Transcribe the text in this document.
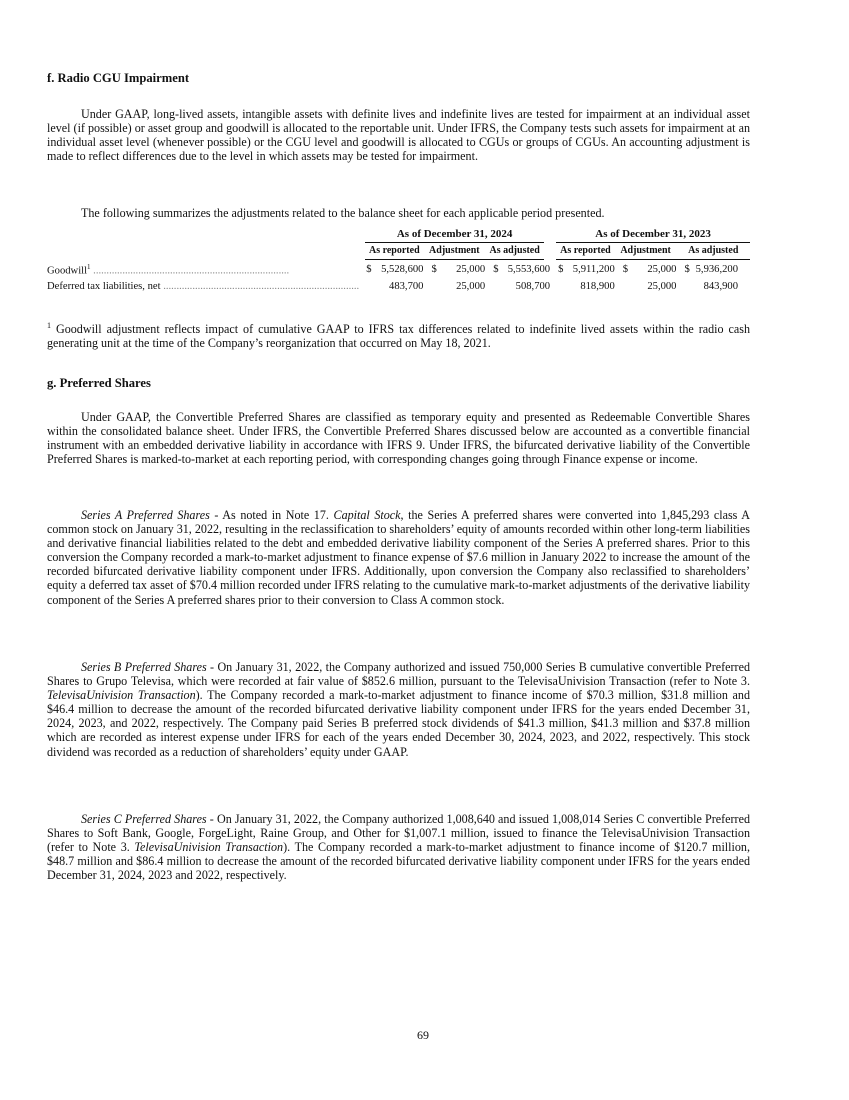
f. Radio CGU Impairment

Under GAAP, long-lived assets, intangible assets with definite lives and indefinite lives are tested for impairment at an individual asset level (if possible) or asset group and goodwill is allocated to the reportable unit. Under IFRS, the Company tests such assets for impairment at an individual asset level (whenever possible) or the CGU level and goodwill is allocated to CGUs or groups of CGUs. An accounting adjustment is made to reflect differences due to the level in which assets may be tested for impairment.

The following summarizes the adjustments related to the balance sheet for each applicable period presented.

	As of December 31, 2024			As of December 31, 2023		

	As reported	Adjustment	As adjusted	As reported	Adjustment	As adjusted

Goodwill$^1$ ..........................................................................	$ 5,528,600	$ 25,000	$ 5,553,600	$ 5,911,200	$ 25,000	$ 5,936,200

Deferred tax liabilities, net ..........................................................................	483,700	25,000	508,700	818,900	25,000	843,900

$^1$ Goodwill adjustment reflects impact of cumulative GAAP to IFRS tax differences related to indefinite lived assets within the radio cash generating unit at the time of the Company’s reorganization that occurred on May 18, 2021.

g. Preferred Shares

Under GAAP, the Convertible Preferred Shares are classified as temporary equity and presented as Redeemable Convertible Shares within the consolidated balance sheet. Under IFRS, the Convertible Preferred Shares discussed below are accounted as a convertible financial instrument with an embedded derivative liability in accordance with IFRS 9. Under IFRS, the bifurcated derivative liability of the Convertible Preferred Shares is marked-to-market at each reporting period, with corresponding changes going through Finance expense or income.

Series A Preferred Shares - As noted in Note 17. Capital Stock, the Series A preferred shares were converted into 1,845,293 class A common stock on January 31, 2022, resulting in the reclassification to shareholders’ equity of amounts recorded within other long-term liabilities and derivative financial liabilities related to the debt and embedded derivative liability component of the Series A preferred shares. Prior to this conversion the Company recorded a mark-to-market adjustment to finance expense of $7.6 million in January 2022 to increase the amount of the recorded bifurcated derivative liability component under IFRS. Additionally, upon conversion the Company also reclassified to shareholders’ equity a deferred tax asset of $70.4 million recorded under IFRS relating to the cumulative mark-to-market adjustments of the derivative liability component of the Series A preferred shares prior to their conversion to Class A common stock.

Series B Preferred Shares - On January 31, 2022, the Company authorized and issued 750,000 Series B cumulative convertible Preferred Shares to Grupo Televisa, which were recorded at fair value of $852.6 million, pursuant to the TelevisaUnivision Transaction (refer to Note 3. TelevisaUnivision Transaction). The Company recorded a mark-to-market adjustment to finance income of $70.3 million, $31.8 million and $46.4 million to decrease the amount of the recorded bifurcated derivative liability component under IFRS for the years ended December 31, 2024, 2023, and 2022, respectively. The Company paid Series B preferred stock dividends of $41.3 million, $41.3 million and $37.8 million which are recorded as interest expense under IFRS for each of the years ended December 30, 2024, 2023, and 2022, respectively. This stock dividend was recorded as a reduction of shareholders’ equity under GAAP.

Series C Preferred Shares - On January 31, 2022, the Company authorized 1,008,640 and issued 1,008,014 Series C convertible Preferred Shares to Soft Bank, Google, ForgeLight, Raine Group, and Other for $1,007.1 million, issued to finance the TelevisaUnivision Transaction (refer to Note 3. TelevisaUnivision Transaction). The Company recorded a mark-to-market adjustment to finance income of $120.7 million, $48.7 million and $86.4 million to decrease the amount of the recorded bifurcated derivative liability component under IFRS for the years ended December 31, 2024, 2023 and 2022, respectively.

69
